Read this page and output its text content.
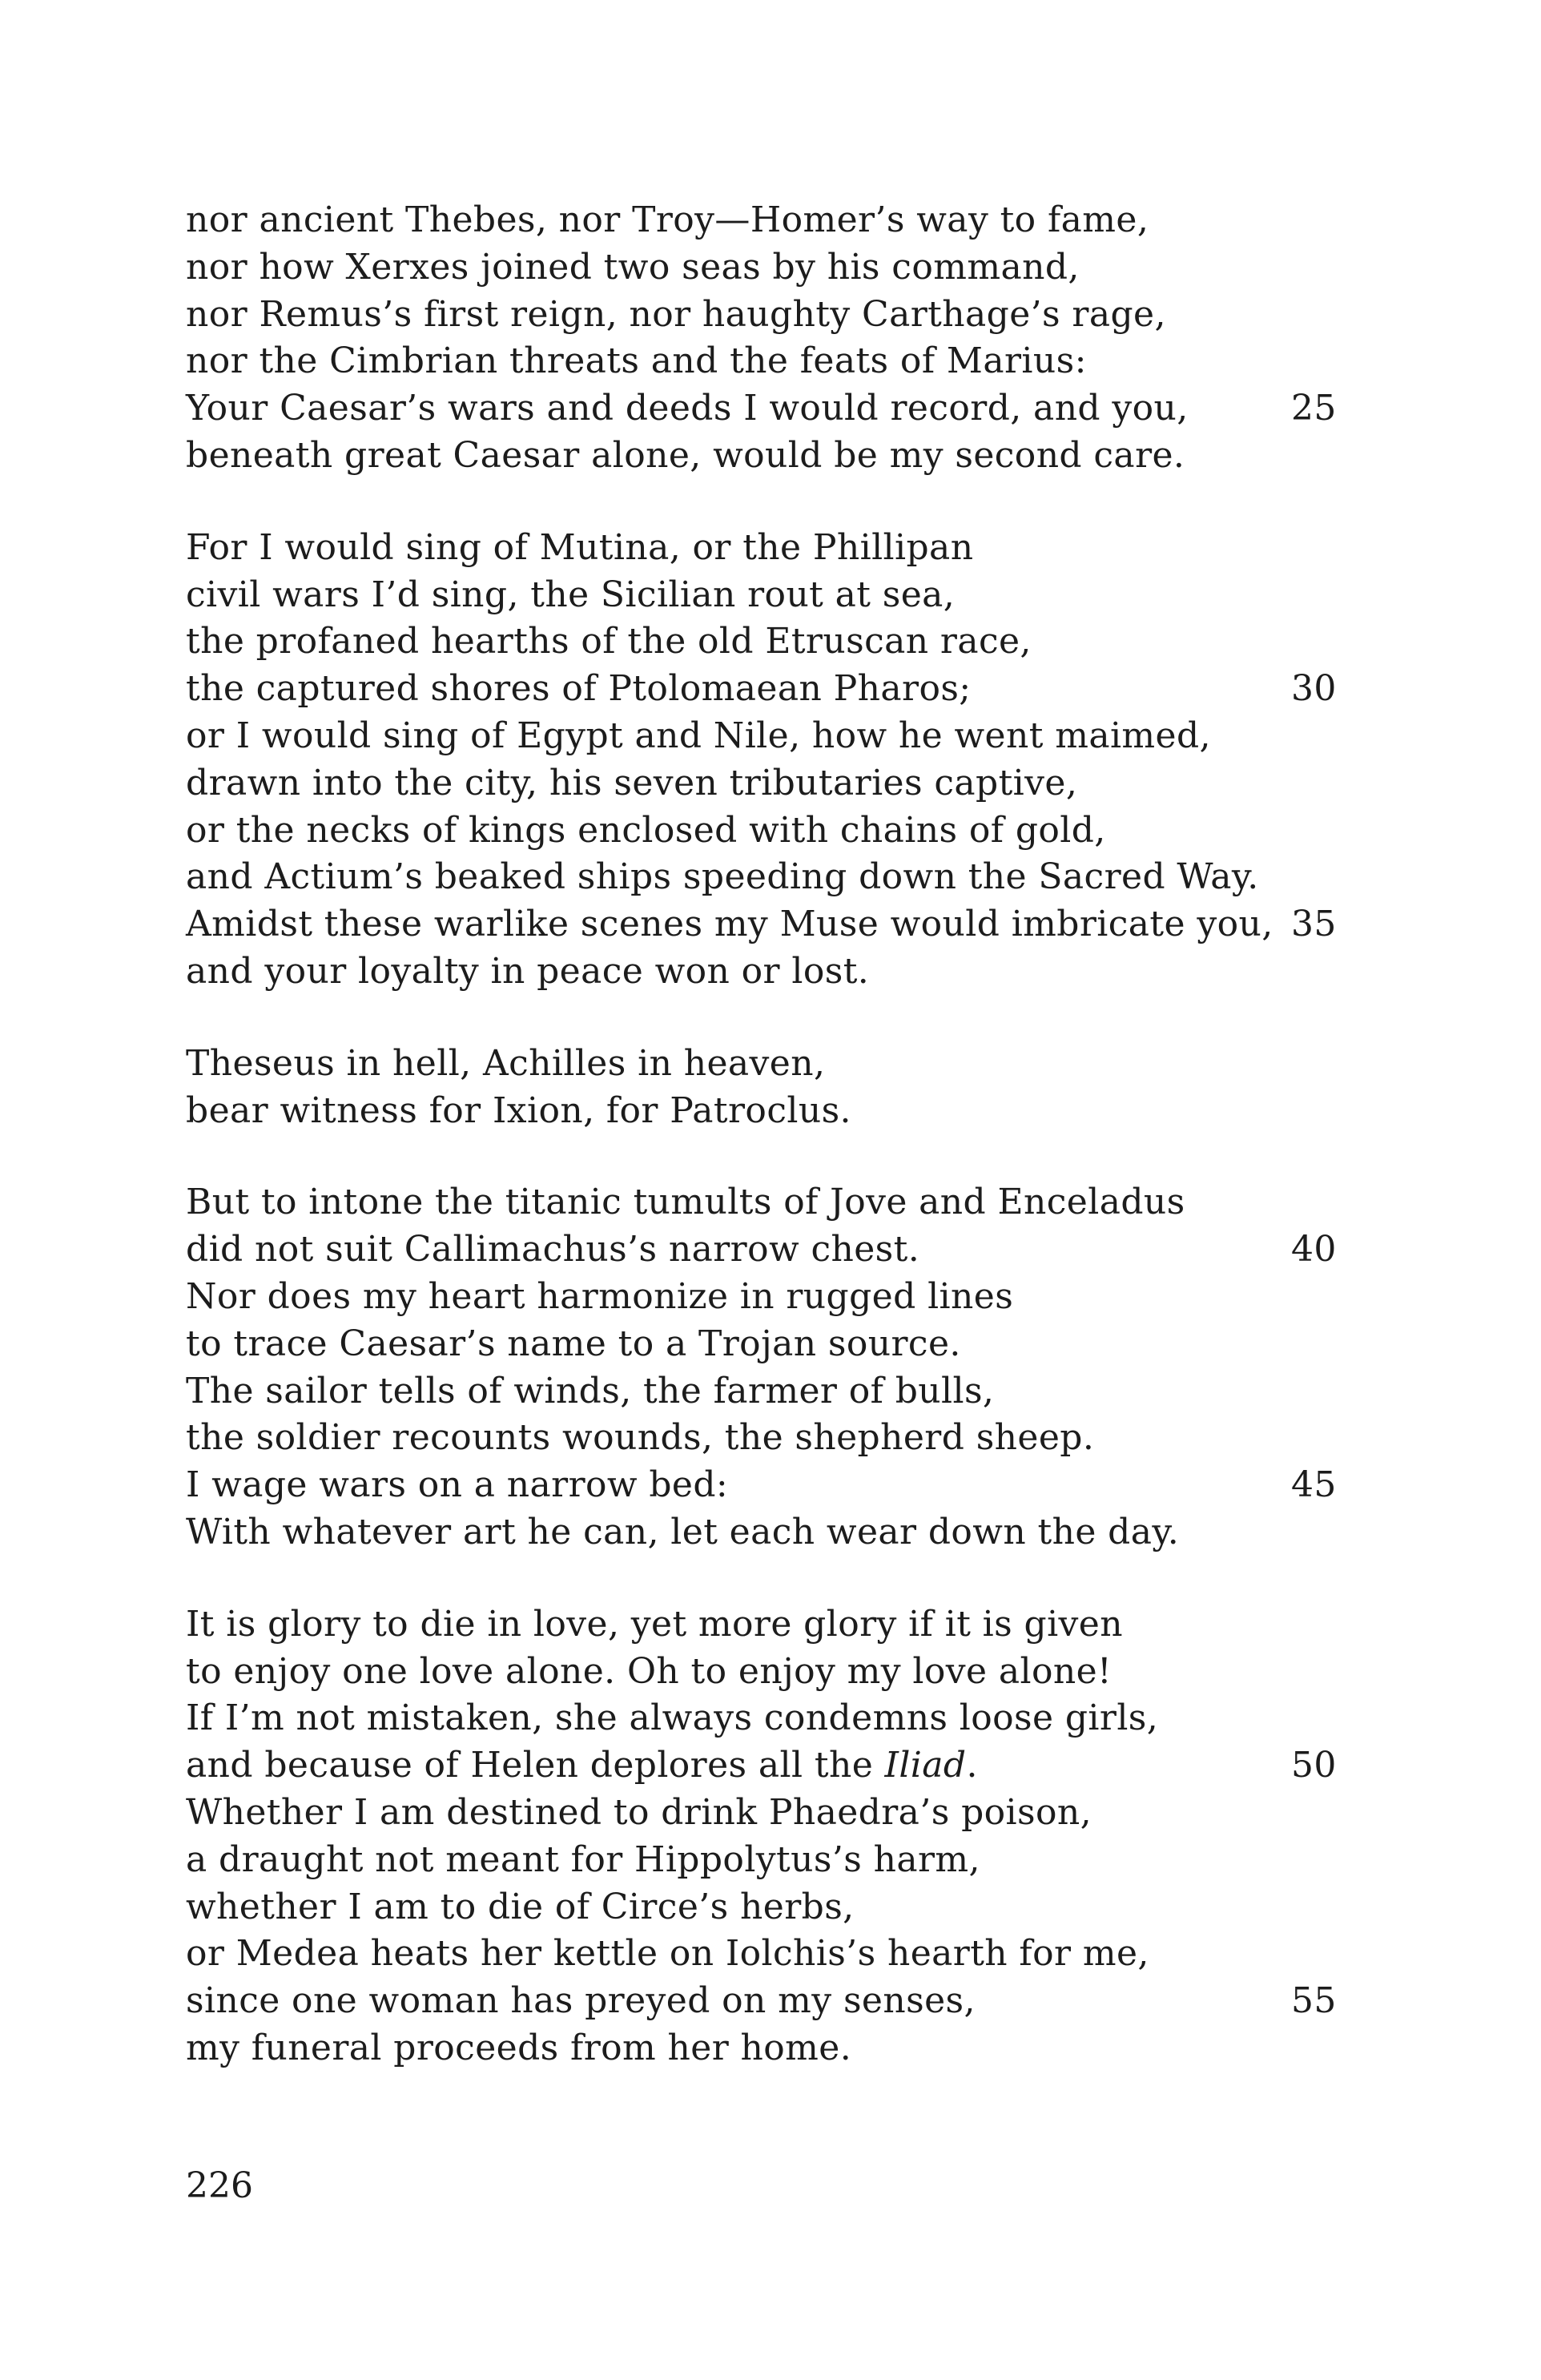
nor ancient Thebes, nor Troy—Homer’s way to fame,
nor how Xerxes joined two seas by his command,
nor Remus’s first reign, nor haughty Carthage’s rage,
nor the Cimbrian threats and the feats of Marius:
Your Caesar’s wars and deeds I would record, and you,	25
beneath great Caesar alone, would be my second care.
For I would sing of Mutina, or the Phillipan
civil wars I’d sing, the Sicilian rout at sea,
the profaned hearths of the old Etruscan race,
the captured shores of Ptolomaean Pharos;	30
or I would sing of Egypt and Nile, how he went maimed,
drawn into the city, his seven tributaries captive,
or the necks of kings enclosed with chains of gold,
and Actium’s beaked ships speeding down the Sacred Way.
Amidst these warlike scenes my Muse would imbricate you, 35
and your loyalty in peace won or lost.
Theseus in hell, Achilles in heaven,
bear witness for Ixion, for Patroclus.
But to intone the titanic tumults of Jove and Enceladus
did not suit Callimachus’s narrow chest.	40
Nor does my heart harmonize in rugged lines
to trace Caesar’s name to a Trojan source.
The sailor tells of winds, the farmer of bulls,
the soldier recounts wounds, the shepherd sheep.
I wage wars on a narrow bed:	45
With whatever art he can, let each wear down the day.
It is glory to die in love, yet more glory if it is given
to enjoy one love alone. Oh to enjoy my love alone!
If I’m not mistaken, she always condemns loose girls,
and because of Helen deplores all the Iliad.	50
Whether I am destined to drink Phaedra’s poison,
a draught not meant for Hippolytus’s harm,
whether I am to die of Circe’s herbs,
or Medea heats her kettle on Iolchis’s hearth for me,
since one woman has preyed on my senses,	55
my funeral proceeds from her home.
226
